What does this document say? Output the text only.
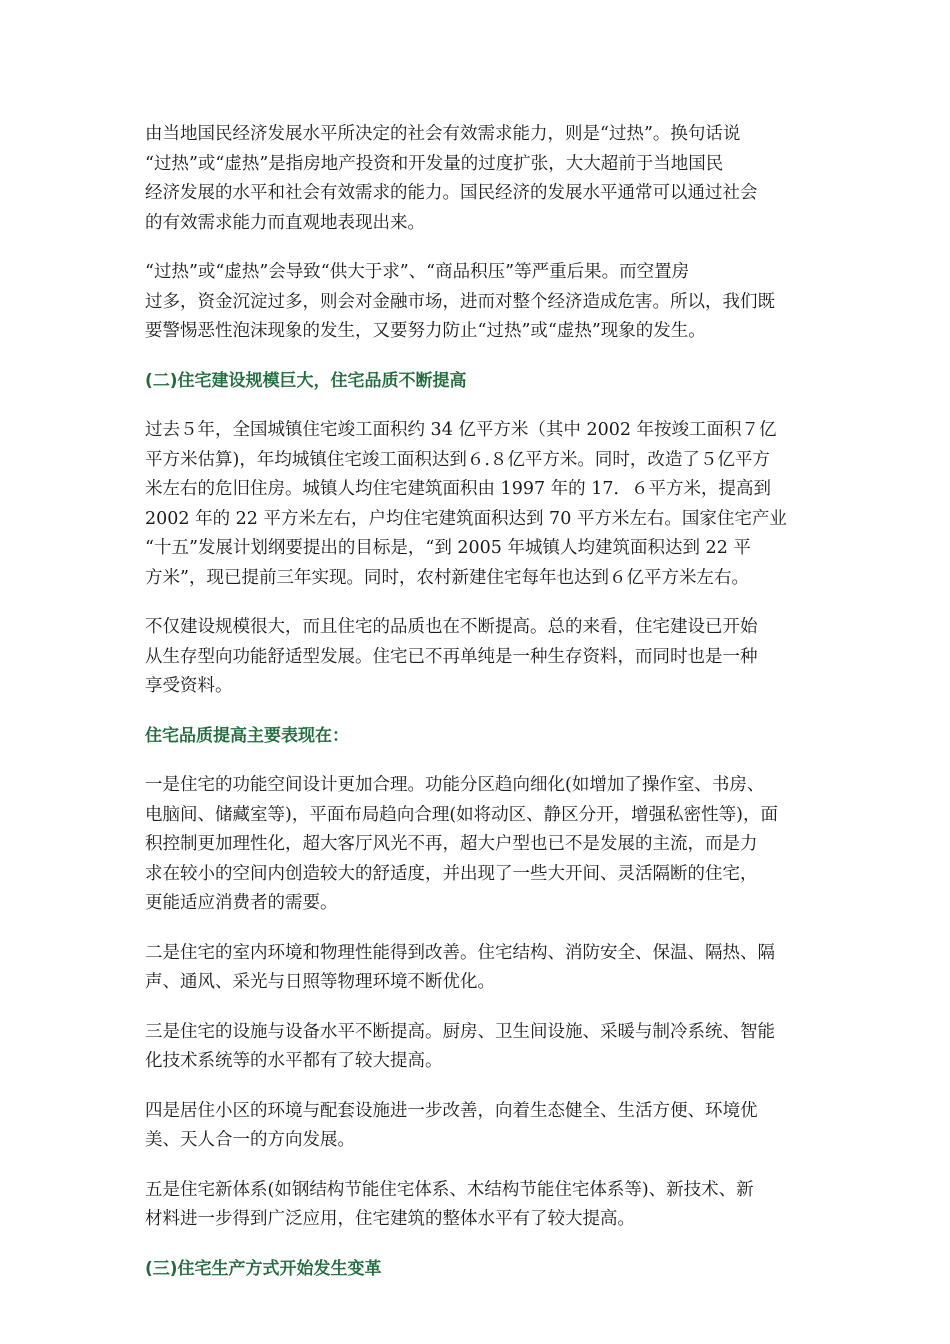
由当地国民经济发展水平所决定的社会有效需求能力，则是“过热”。换句话说
“过热”或“虚热”是指房地产投资和开发量的过度扩张，大大超前于当地国民
经济发展的水平和社会有效需求的能力。国民经济的发展水平通常可以通过社会
的有效需求能力而直观地表现出来。

“过热”或“虚热”会导致“供大于求”、“商品积压”等严重后果。而空置房
过多，资金沉淀过多，则会对金融市场，进而对整个经济造成危害。所以，我们既
要警惕恶性泡沫现象的发生，又要努力防止“过热”或“虚热”现象的发生。

(二)住宅建设规模巨大，住宅品质不断提高

过去５年，全国城镇住宅竣工面积约 34 亿平方米（其中 2002 年按竣工面积７亿
平方米估算)，年均城镇住宅竣工面积达到６.８亿平方米。同时，改造了５亿平方
米左右的危旧住房。城镇人均住宅建筑面积由 1997 年的 17．６平方米，提高到
2002 年的 22 平方米左右，户均住宅建筑面积达到 70 平方米左右。国家住宅产业
“十五”发展计划纲要提出的目标是，“到 2005 年城镇人均建筑面积达到 22 平
方米”，现已提前三年实现。同时，农村新建住宅每年也达到６亿平方米左右。

不仅建设规模很大，而且住宅的品质也在不断提高。总的来看，住宅建设已开始
从生存型向功能舒适型发展。住宅已不再单纯是一种生存资料，而同时也是一种
享受资料。

住宅品质提高主要表现在：

一是住宅的功能空间设计更加合理。功能分区趋向细化(如增加了操作室、书房、
电脑间、储藏室等)，平面布局趋向合理(如将动区、静区分开，增强私密性等)，面
积控制更加理性化，超大客厅风光不再，超大户型也已不是发展的主流，而是力
求在较小的空间内创造较大的舒适度，并出现了一些大开间、灵活隔断的住宅，
更能适应消费者的需要。

二是住宅的室内环境和物理性能得到改善。住宅结构、消防安全、保温、隔热、隔
声、通风、采光与日照等物理环境不断优化。

三是住宅的设施与设备水平不断提高。厨房、卫生间设施、采暖与制冷系统、智能
化技术系统等的水平都有了较大提高。

四是居住小区的环境与配套设施进一步改善，向着生态健全、生活方便、环境优
美、天人合一的方向发展。

五是住宅新体系(如钢结构节能住宅体系、木结构节能住宅体系等)、新技术、新
材料进一步得到广泛应用，住宅建筑的整体水平有了较大提高。

(三)住宅生产方式开始发生变革
